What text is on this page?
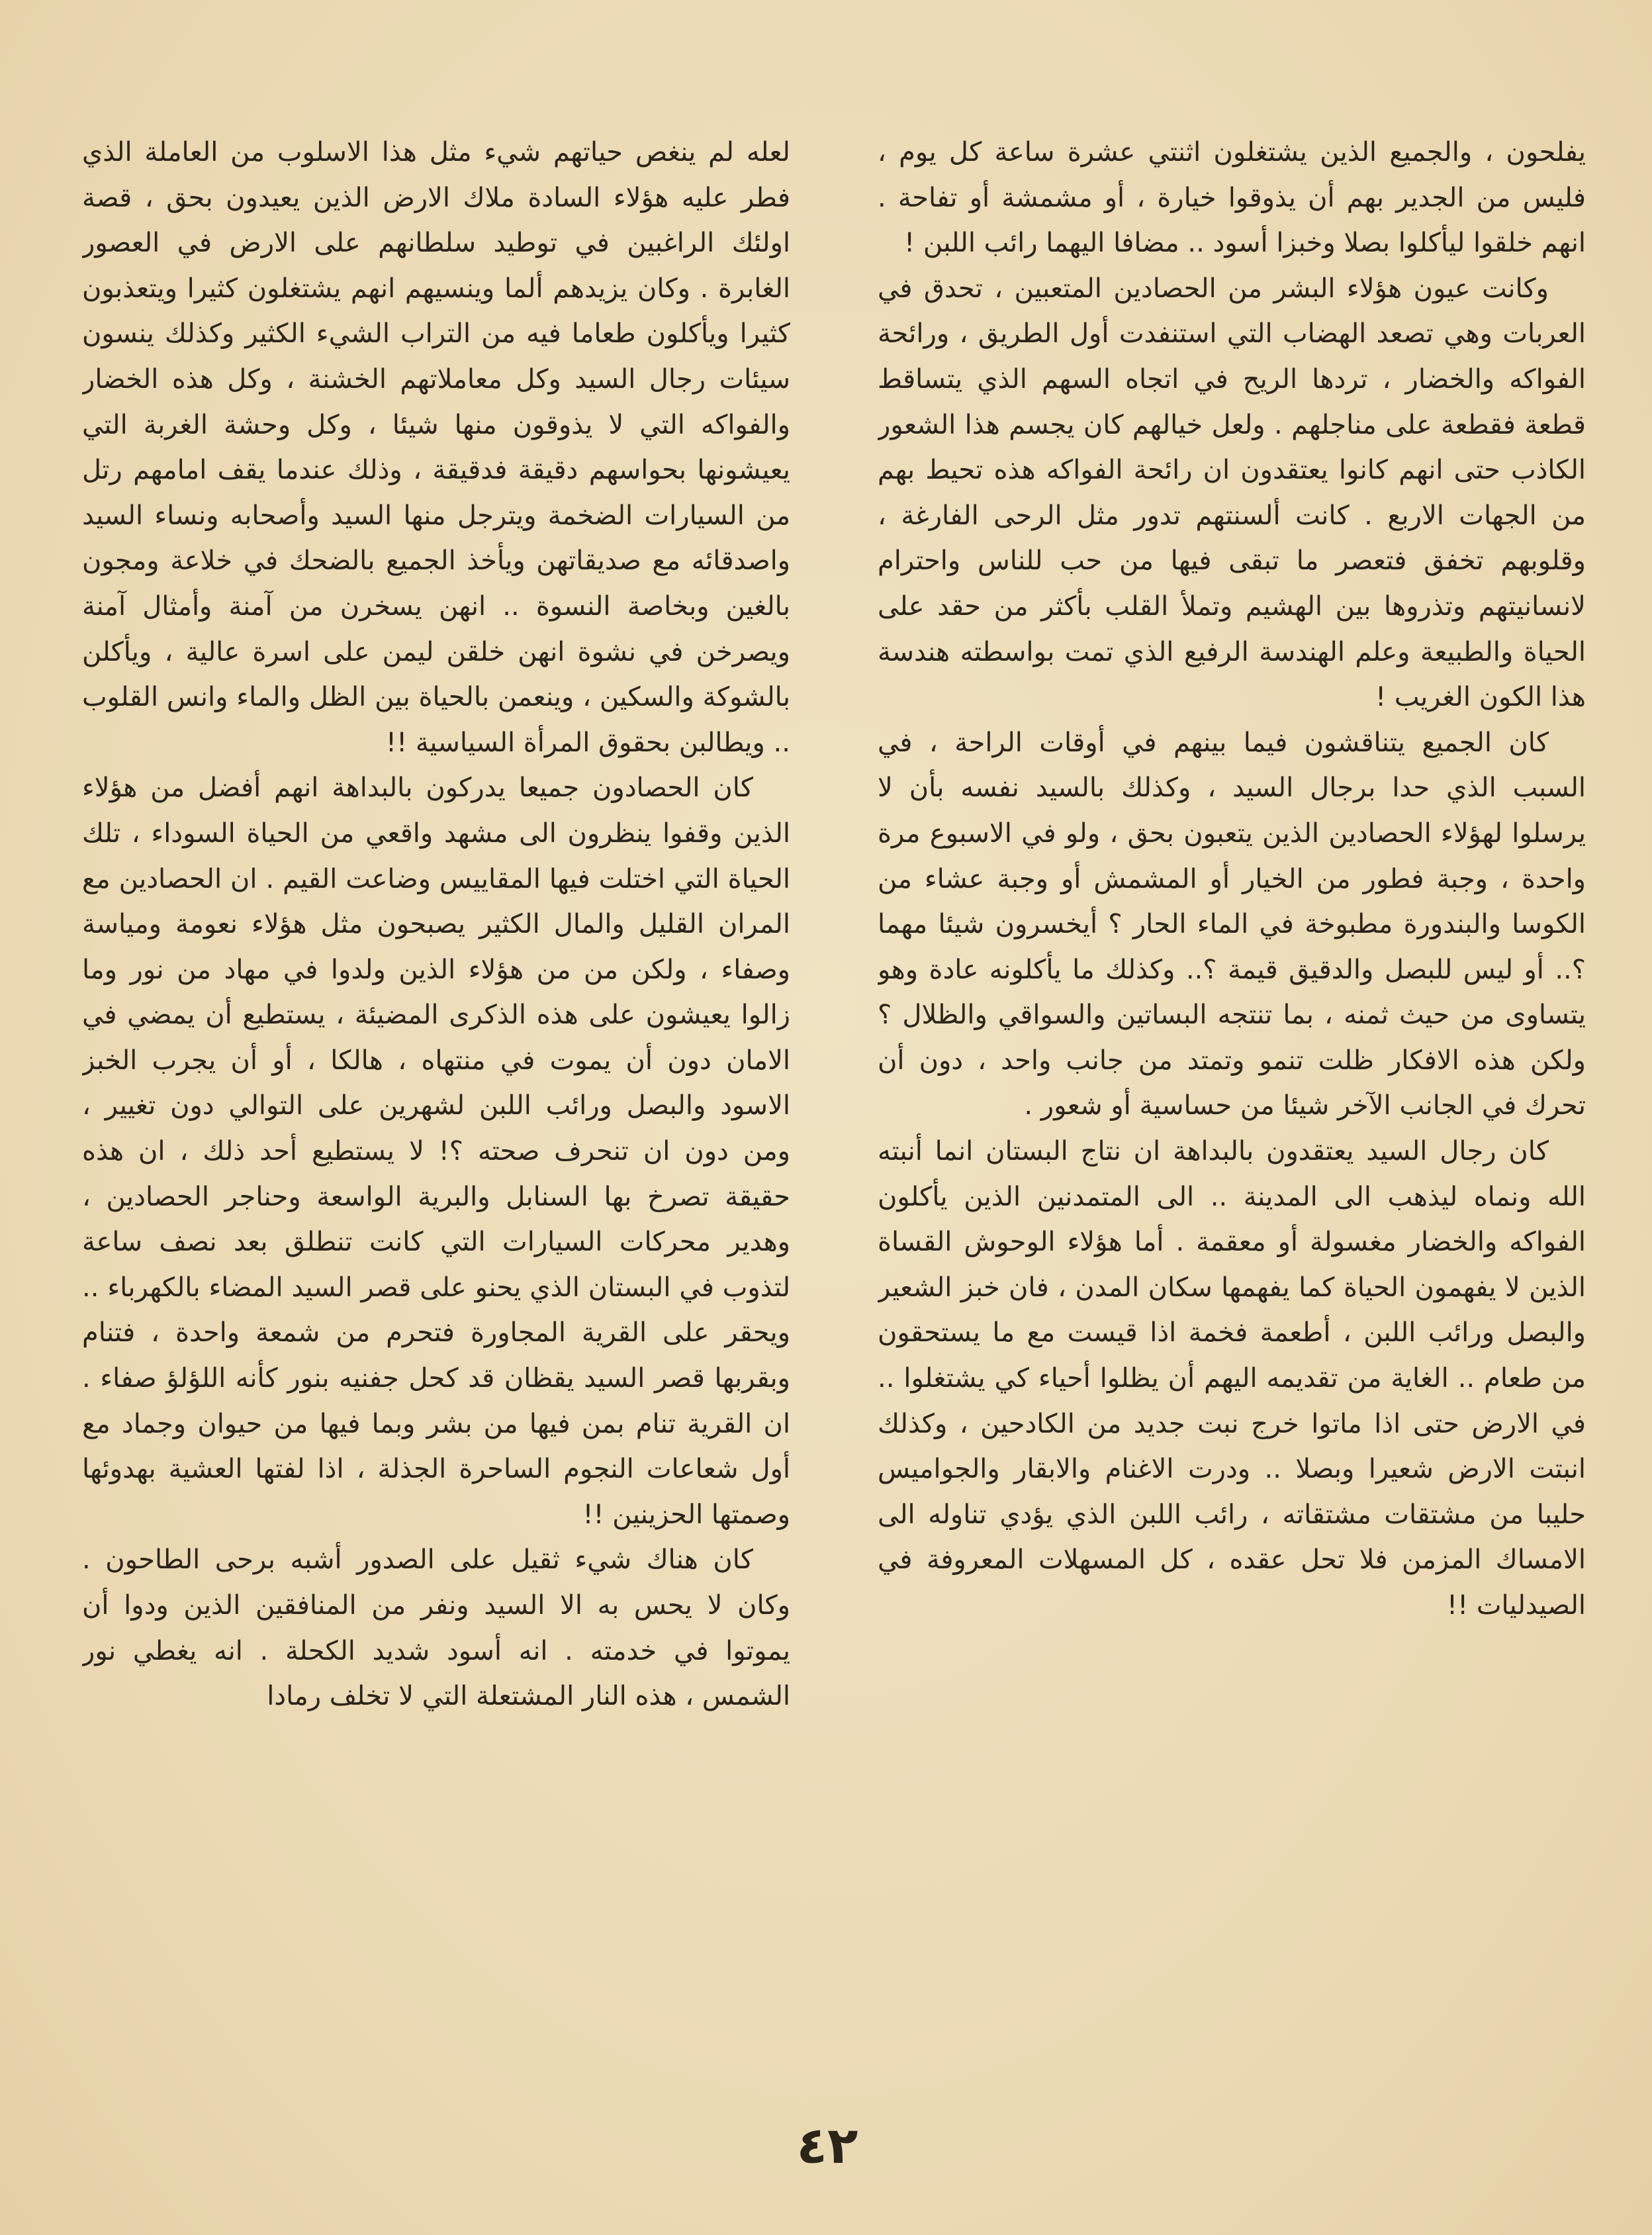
يفلحون ، والجميع الذين يشتغلون اثنتي عشرة ساعة كل يوم ، فليس من الجدير بهم أن يذوقوا خيارة ، أو مشمشة أو تفاحة . انهم خلقوا ليأكلوا بصلا وخبزا أسود .. مضافا اليهما رائب اللبن !

وكانت عيون هؤلاء البشر من الحصادين المتعبين ، تحدق في العربات وهي تصعد الهضاب التي استنفدت أول الطريق ، ورائحة الفواكه والخضار ، تردها الريح في اتجاه السهم الذي يتساقط قطعة فقطعة على مناجلهم . ولعل خيالهم كان يجسم هذا الشعور الكاذب حتى انهم كانوا يعتقدون ان رائحة الفواكه هذه تحيط بهم من الجهات الاربع . كانت ألسنتهم تدور مثل الرحى الفارغة ، وقلوبهم تخفق فتعصر ما تبقى فيها من حب للناس واحترام لانسانيتهم وتذروها بين الهشيم وتملأ القلب بأكثر من حقد على الحياة والطبيعة وعلم الهندسة الرفيع الذي تمت بواسطته هندسة هذا الكون الغريب !

كان الجميع يتناقشون فيما بينهم في أوقات الراحة ، في السبب الذي حدا برجال السيد ، وكذلك بالسيد نفسه بأن لا يرسلوا لهؤلاء الحصادين الذين يتعبون بحق ، ولو في الاسبوع مرة واحدة ، وجبة فطور من الخيار أو المشمش أو وجبة عشاء من الكوسا والبندورة مطبوخة في الماء الحار ؟ أيخسرون شيئا مهما ؟.. أو ليس للبصل والدقيق قيمة ؟.. وكذلك ما يأكلونه عادة وهو يتساوى من حيث ثمنه ، بما تنتجه البساتين والسواقي والظلال ؟ ولكن هذه الافكار ظلت تنمو وتمتد من جانب واحد ، دون أن تحرك في الجانب الآخر شيئا من حساسية أو شعور .

كان رجال السيد يعتقدون بالبداهة ان نتاج البستان انما أنبته الله ونماه ليذهب الى المدينة .. الى المتمدنين الذين يأكلون الفواكه والخضار مغسولة أو معقمة . أما هؤلاء الوحوش القساة الذين لا يفهمون الحياة كما يفهمها سكان المدن ، فان خبز الشعير والبصل ورائب اللبن ، أطعمة فخمة اذا قيست مع ما يستحقون من طعام .. الغاية من تقديمه اليهم أن يظلوا أحياء كي يشتغلوا .. في الارض حتى اذا ماتوا خرج نبت جديد من الكادحين ، وكذلك انبتت الارض شعيرا وبصلا .. ودرت الاغنام والابقار والجواميس حليبا من مشتقات مشتقاته ، رائب اللبن الذي يؤدي تناوله الى الامساك المزمن فلا تحل عقده ، كل المسهلات المعروفة في الصيدليات !!

لعله لم ينغص حياتهم شيء مثل هذا الاسلوب من العاملة الذي فطر عليه هؤلاء السادة ملاك الارض الذين يعيدون بحق ، قصة اولئك الراغبين في توطيد سلطانهم على الارض في العصور الغابرة . وكان يزيدهم ألما وينسيهم انهم يشتغلون كثيرا ويتعذبون كثيرا ويأكلون طعاما فيه من التراب الشيء الكثير وكذلك ينسون سيئات رجال السيد وكل معاملاتهم الخشنة ، وكل هذه الخضار والفواكه التي لا يذوقون منها شيئا ، وكل وحشة الغربة التي يعيشونها بحواسهم دقيقة فدقيقة ، وذلك عندما يقف امامهم رتل من السيارات الضخمة ويترجل منها السيد وأصحابه ونساء السيد واصدقائه مع صديقاتهن ويأخذ الجميع بالضحك في خلاعة ومجون بالغين وبخاصة النسوة .. انهن يسخرن من آمنة وأمثال آمنة ويصرخن في نشوة انهن خلقن ليمن على اسرة عالية ، ويأكلن بالشوكة والسكين ، وينعمن بالحياة بين الظل والماء وانس القلوب .. ويطالبن بحقوق المرأة السياسية !!

كان الحصادون جميعا يدركون بالبداهة انهم أفضل من هؤلاء الذين وقفوا ينظرون الى مشهد واقعي من الحياة السوداء ، تلك الحياة التي اختلت فيها المقاييس وضاعت القيم . ان الحصادين مع المران القليل والمال الكثير يصبحون مثل هؤلاء نعومة ومياسة وصفاء ، ولكن من من هؤلاء الذين ولدوا في مهاد من نور وما زالوا يعيشون على هذه الذكرى المضيئة ، يستطيع أن يمضي في الامان دون أن يموت في منتهاه ، هالكا ، أو أن يجرب الخبز الاسود والبصل ورائب اللبن لشهرين على التوالي دون تغيير ، ومن دون ان تنحرف صحته ؟! لا يستطيع أحد ذلك ، ان هذه حقيقة تصرخ بها السنابل والبرية الواسعة وحناجر الحصادين ، وهدير محركات السيارات التي كانت تنطلق بعد نصف ساعة لتذوب في البستان الذي يحنو على قصر السيد المضاء بالكهرباء .. ويحقر على القرية المجاورة فتحرم من شمعة واحدة ، فتنام وبقربها قصر السيد يقظان قد كحل جفنيه بنور كأنه اللؤلؤ صفاء . ان القرية تنام بمن فيها من بشر وبما فيها من حيوان وجماد مع أول شعاعات النجوم الساحرة الجذلة ، اذا لفتها العشية بهدوئها وصمتها الحزينين !!

كان هناك شيء ثقيل على الصدور أشبه برحى الطاحون . وكان لا يحس به الا السيد ونفر من المنافقين الذين ودوا أن يموتوا في خدمته . انه أسود شديد الكحلة . انه يغطي نور الشمس ، هذه النار المشتعلة التي لا تخلف رمادا

٤٢
